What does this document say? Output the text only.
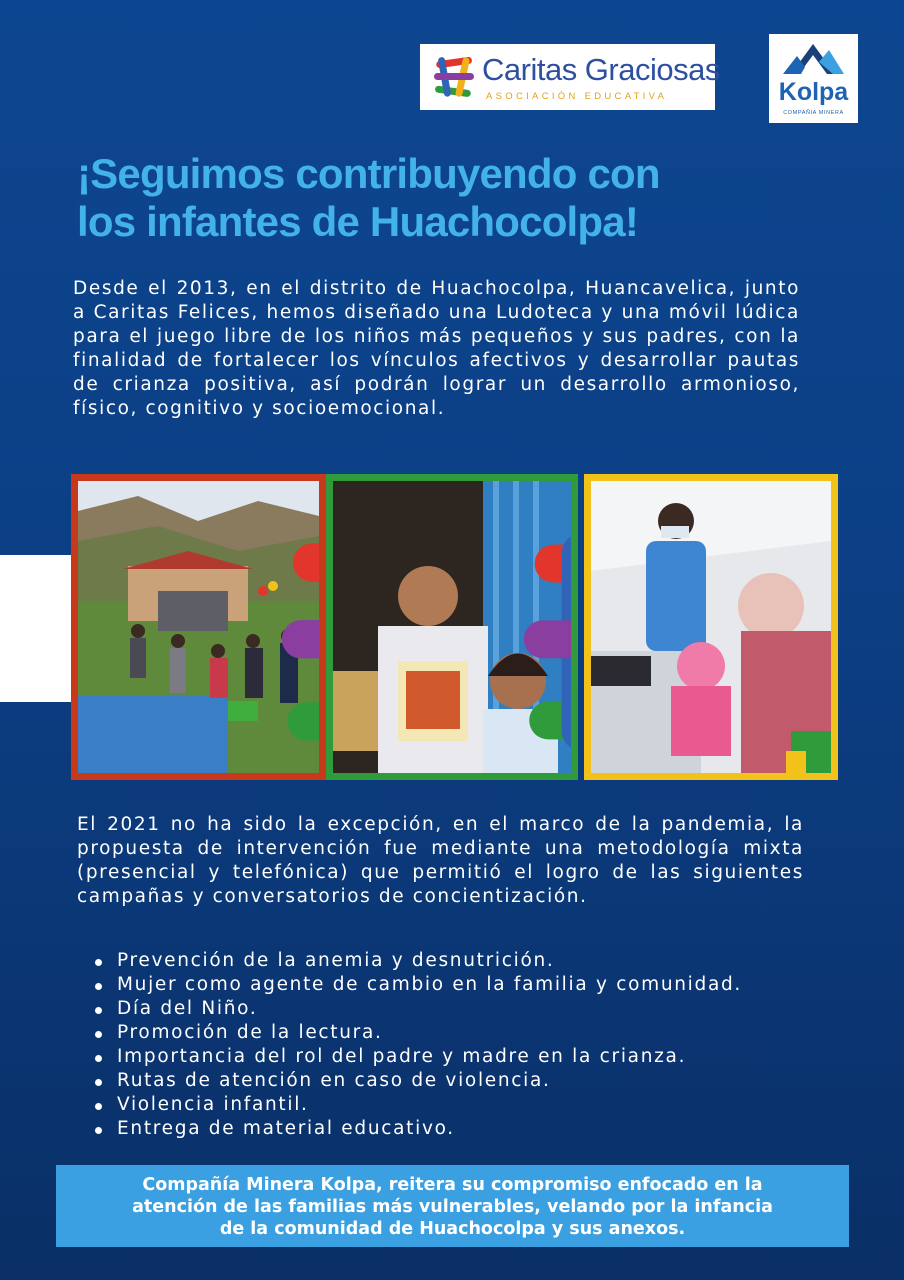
Caritas Graciosas
ASOCIACIÓN EDUCATIVA	Kolpa
COMPAÑIA MINERA
¡Seguimos contribuyendo con
los infantes de Huachocolpa!

Desde el 2013, en el distrito de Huachocolpa, Huancavelica, junto a Caritas Felices, hemos diseñado una Ludoteca y una móvil lúdica para el juego libre de los niños más pequeños y sus padres, con la finalidad de fortalecer los vínculos afectivos y desarrollar pautas de crianza positiva, así podrán lograr un desarrollo armonioso, físico, cognitivo y socioemocional.

El 2021 no ha sido la excepción, en el marco de la pandemia, la propuesta de intervención fue mediante una metodología mixta (presencial y telefónica) que permitió el logro de las siguientes campañas y conversatorios de concientización.

Prevención de la anemia y desnutrición.
Mujer como agente de cambio en la familia y comunidad.
Día del Niño.
Promoción de la lectura.
Importancia del rol del padre y madre en la crianza.
Rutas de atención en caso de violencia.
Violencia infantil.
Entrega de material educativo.

Compañía Minera Kolpa, reitera su compromiso enfocado en la
atención de las familias más vulnerables, velando por la infancia
de la comunidad de Huachocolpa y sus anexos.
